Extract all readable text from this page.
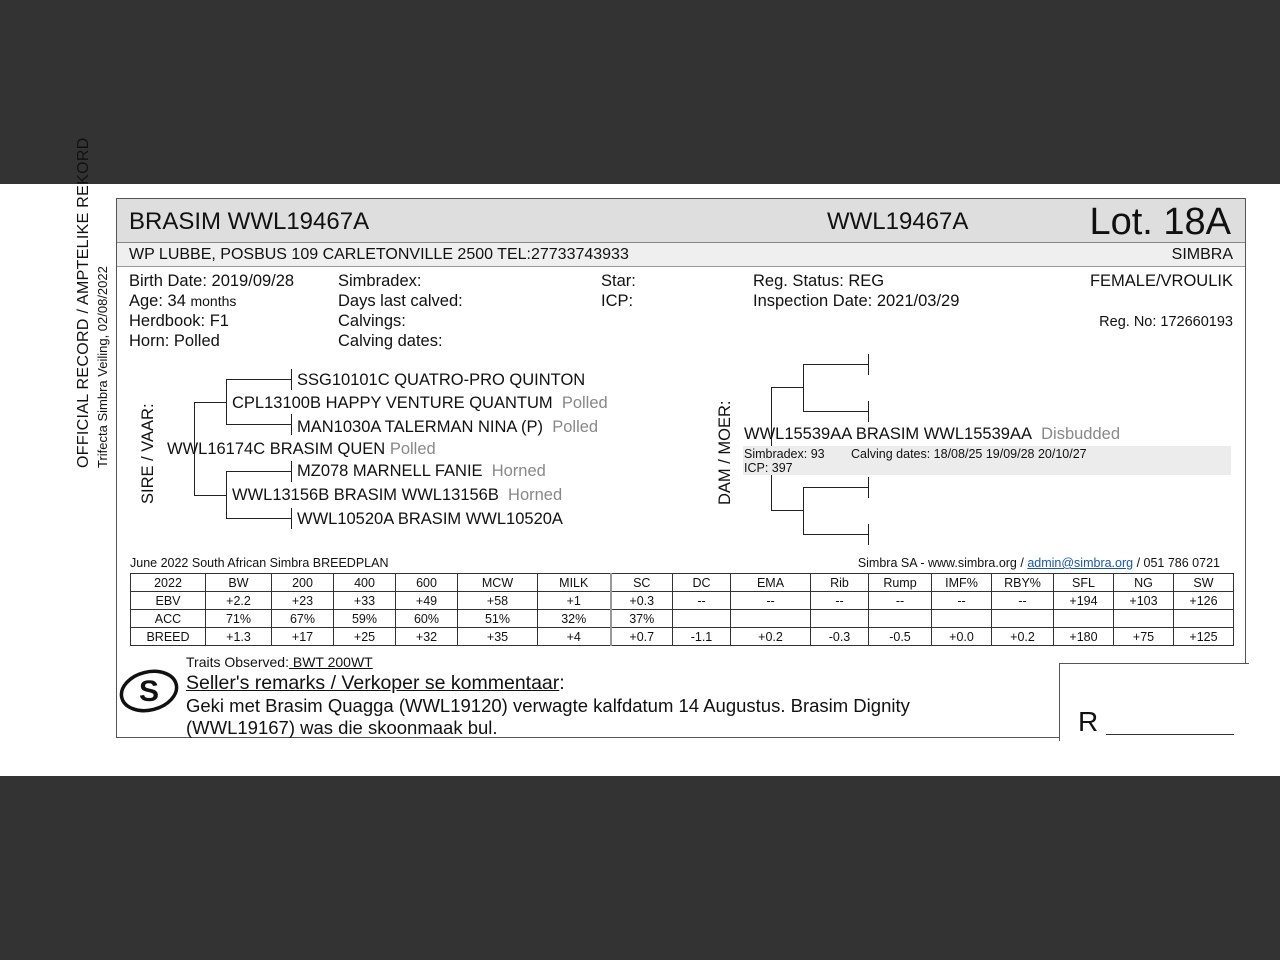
OFFICIAL RECORD / AMPTELIKE REKORD Trifecta Simbra Veiling, 02/08/2022
BRASIM WWL19467A	WWL19467A	Lot. 18A
WP LUBBE, POSBUS 109 CARLETONVILLE 2500 TEL:27733743933	SIMBRA
Birth Date: 2019/09/28
Age: 34 months
Herdbook: F1
Horn: Polled
Simbradex:
Days last calved:
Calvings:
Calving dates:
Star:
ICP:
Reg. Status: REG
Inspection Date: 2021/03/29
FEMALE/VROULIK
Reg. No: 172660193
SIRE / VAAR:	DAM / MOER:
SSG10101C QUATRO-PRO QUINTON
CPL13100B HAPPY VENTURE QUANTUM Polled
MAN1030A TALERMAN NINA (P) Polled
WWL16174C BRASIM QUEN Polled
MZ078 MARNELL FANIE Horned
WWL13156B BRASIM WWL13156B Horned
WWL10520A BRASIM WWL10520A
WWL15539AA BRASIM WWL15539AA Disbudded
Simbradex: 93 Calving dates: 18/08/25 19/09/28 20/10/27
ICP: 397
June 2022 South African Simbra BREEDPLAN	Simbra SA - www.simbra.org / admin@simbra.org / 051 786 0721
2022	BW	200	400	600	MCW	MILK	SC	DC	EMA	Rib	Rump	IMF%	RBY%	SFL	NG	SW
EBV	+2.2	+23	+33	+49	+58	+1	+0.3	--	--	--	--	--	--	+194	+103	+126
ACC	71%	67%	59%	60%	51%	32%	37%									
BREED	+1.3	+17	+25	+32	+35	+4	+0.7	-1.1	+0.2	-0.3	-0.5	+0.0	+0.2	+180	+75	+125
S
Traits Observed: BWT 200WT
Seller's remarks / Verkoper se kommentaar:
Geki met Brasim Quagga (WWL19120) verwagte kalfdatum 14 Augustus. Brasim Dignity (WWL19167) was die skoonmaak bul.	R
